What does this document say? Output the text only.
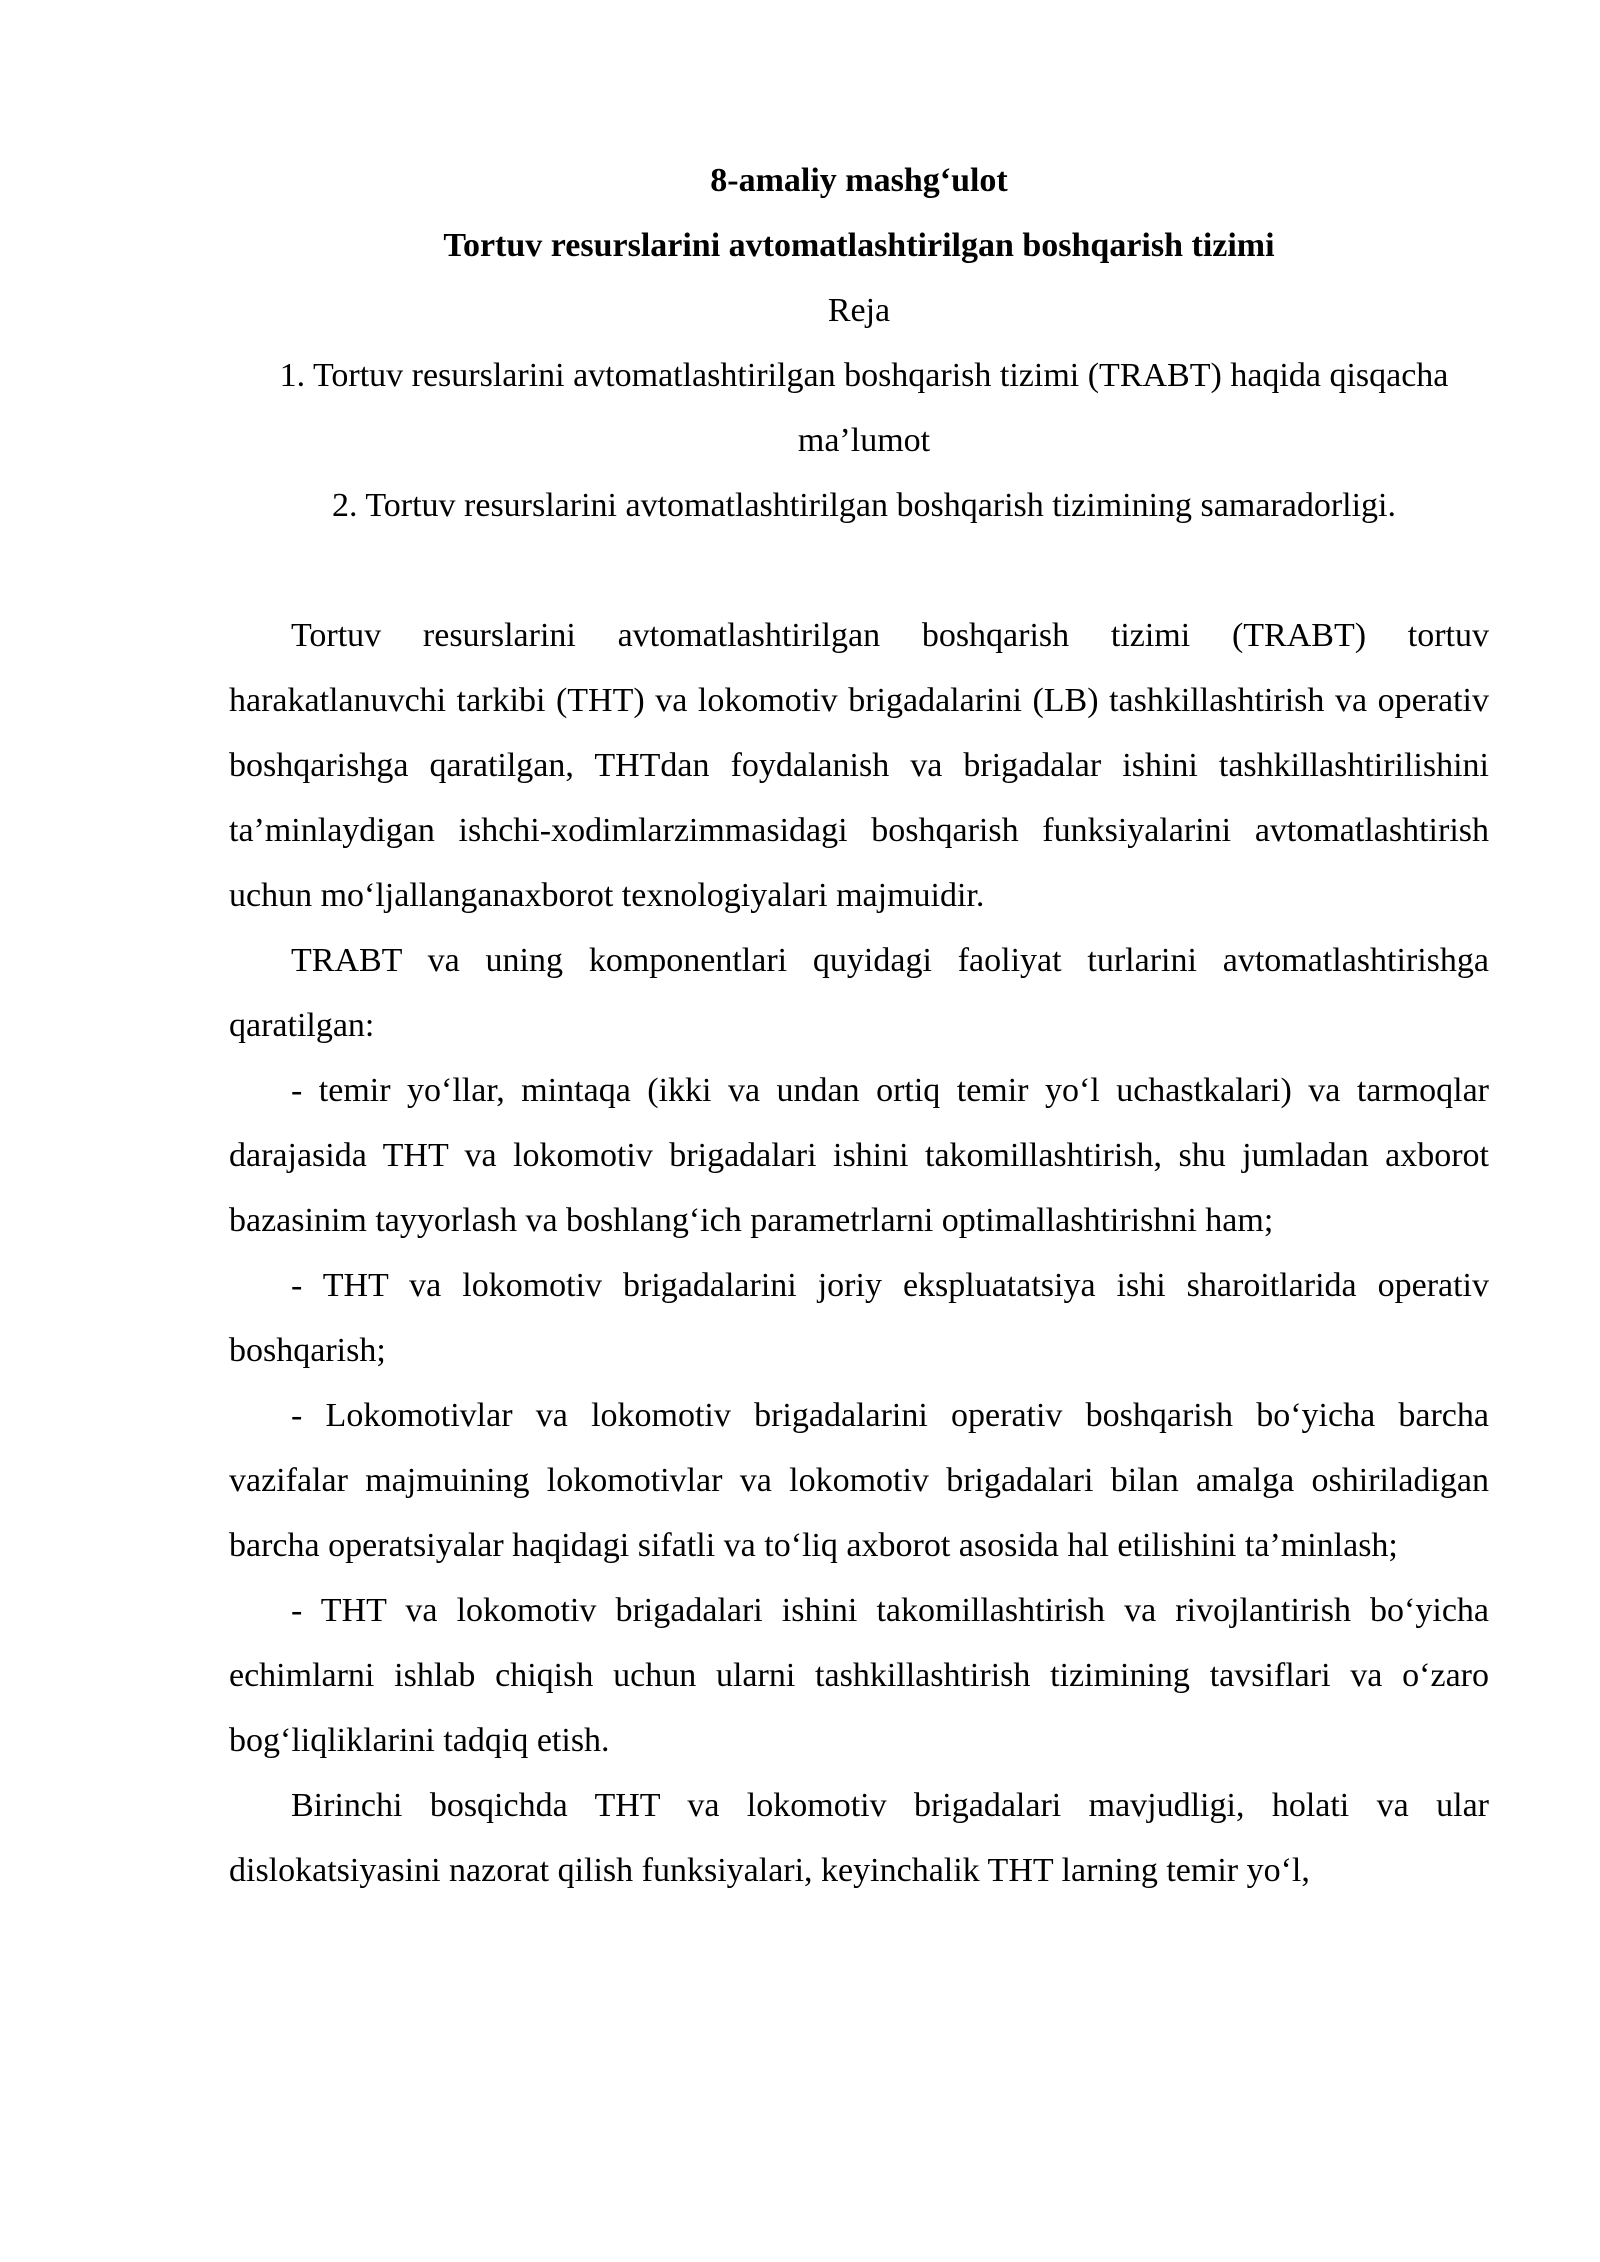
8-amaliy mashg‘ulot

Tortuv resurslarini avtomatlashtirilgan boshqarish tizimi

Reja

1. Tortuv resurslarini avtomatlashtirilgan boshqarish tizimi (TRABT) haqida qisqacha ma’lumot

2. Tortuv resurslarini avtomatlashtirilgan boshqarish tizimining samaradorligi.

Tortuv resurslarini avtomatlashtirilgan boshqarish tizimi (TRABT) tortuv harakatlanuvchi tarkibi (THT) va lokomotiv brigadalarini (LB) tashkillashtirish va operativ boshqarishga qaratilgan, THTdan foydalanish va brigadalar ishini tashkillashtirilishini ta’minlaydigan ishchi-xodimlarzimmasidagi boshqarish funksiyalarini avtomatlashtirish uchun mo‘ljallanganaxborot texnologiyalari majmuidir.

TRABT va uning komponentlari quyidagi faoliyat turlarini avtomatlashtirishga qaratilgan:

- temir yo‘llar, mintaqa (ikki va undan ortiq temir yo‘l uchastkalari) va tarmoqlar darajasida THT va lokomotiv brigadalari ishini takomillashtirish, shu jumladan axborot bazasinim tayyorlash va boshlang‘ich parametrlarni optimallashtirishni ham;

- THT va lokomotiv brigadalarini joriy ekspluatatsiya ishi sharoitlarida operativ boshqarish;

- Lokomotivlar va lokomotiv brigadalarini operativ boshqarish bo‘yicha barcha vazifalar majmuining lokomotivlar va lokomotiv brigadalari bilan amalga oshiriladigan barcha operatsiyalar haqidagi sifatli va to‘liq axborot asosida hal etilishini ta’minlash;

- THT va lokomotiv brigadalari ishini takomillashtirish va rivojlantirish bo‘yicha echimlarni ishlab chiqish uchun ularni tashkillashtirish tizimining tavsiflari va o‘zaro bog‘liqliklarini tadqiq etish.

Birinchi bosqichda THT va lokomotiv brigadalari mavjudligi, holati va ular dislokatsiyasini nazorat qilish funksiyalari, keyinchalik THT larning temir yo‘l,
